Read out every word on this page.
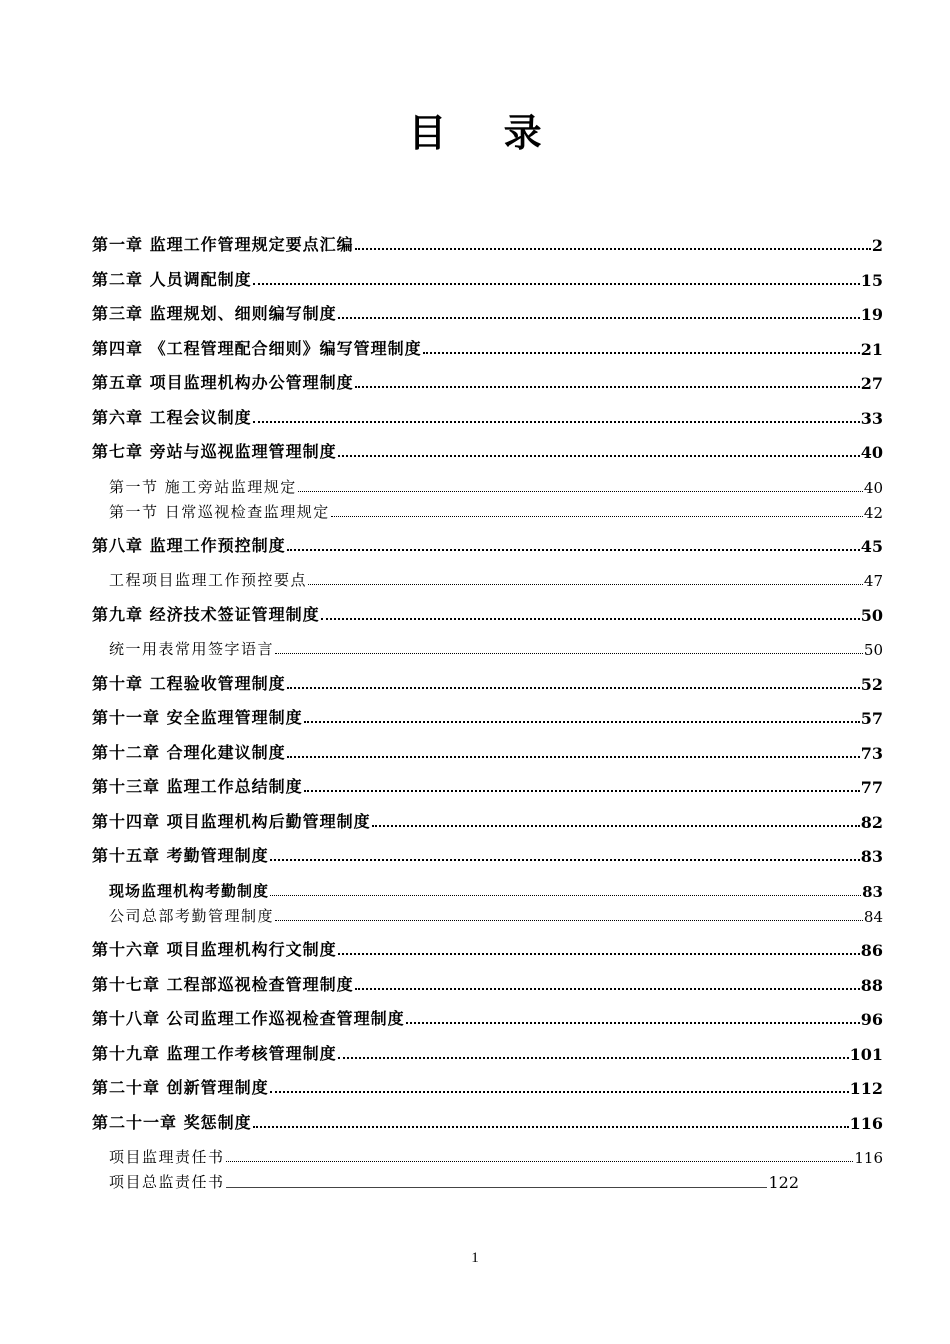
目 录
第一章 监理工作管理规定要点汇编	2
第二章 人员调配制度	15
第三章 监理规划、细则编写制度	19
第四章 《工程管理配合细则》编写管理制度	21
第五章 项目监理机构办公管理制度	27
第六章 工程会议制度	33
第七章 旁站与巡视监理管理制度	40
第一节 施工旁站监理规定	40
第一节 日常巡视检查监理规定	42
第八章 监理工作预控制度	45
工程项目监理工作预控要点	47
第九章 经济技术签证管理制度	50
统一用表常用签字语言	50
第十章 工程验收管理制度	52
第十一章 安全监理管理制度	57
第十二章 合理化建议制度	73
第十三章 监理工作总结制度	77
第十四章 项目监理机构后勤管理制度	82
第十五章 考勤管理制度	83
现场监理机构考勤制度	83
公司总部考勤管理制度	84
第十六章 项目监理机构行文制度	86
第十七章 工程部巡视检查管理制度	88
第十八章 公司监理工作巡视检查管理制度	96
第十九章 监理工作考核管理制度	101
第二十章 创新管理制度	112
第二十一章 奖惩制度	116
项目监理责任书	116
项目总监责任书	122
1
